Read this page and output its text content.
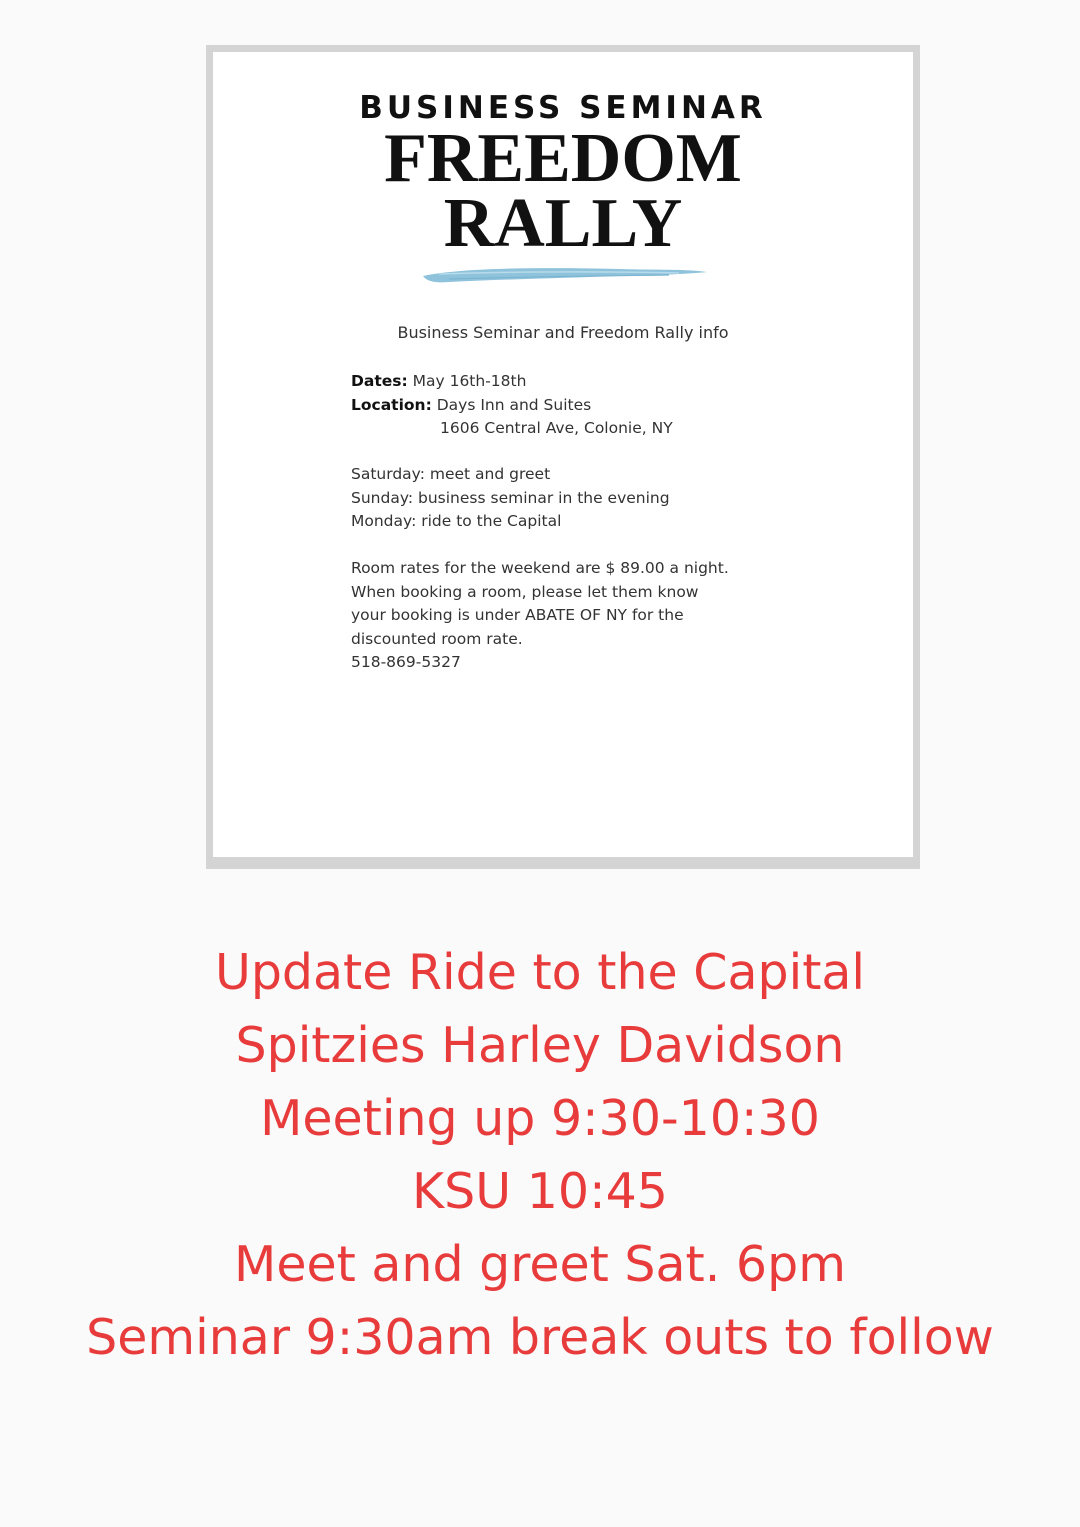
BUSINESS SEMINAR
FREEDOM
RALLY
Business Seminar and Freedom Rally info
Dates: May 16th-18th
Location: Days Inn and Suites
1606 Central Ave, Colonie, NY
Saturday: meet and greet
Sunday: business seminar in the evening
Monday: ride to the Capital
Room rates for the weekend are $ 89.00 a night.
When booking a room, please let them know
your booking is under ABATE OF NY for the
discounted room rate.
518-869-5327
Update Ride to the Capital
Spitzies Harley Davidson
Meeting up 9:30-10:30
KSU 10:45
Meet and greet Sat. 6pm
Seminar 9:30am break outs to follow
